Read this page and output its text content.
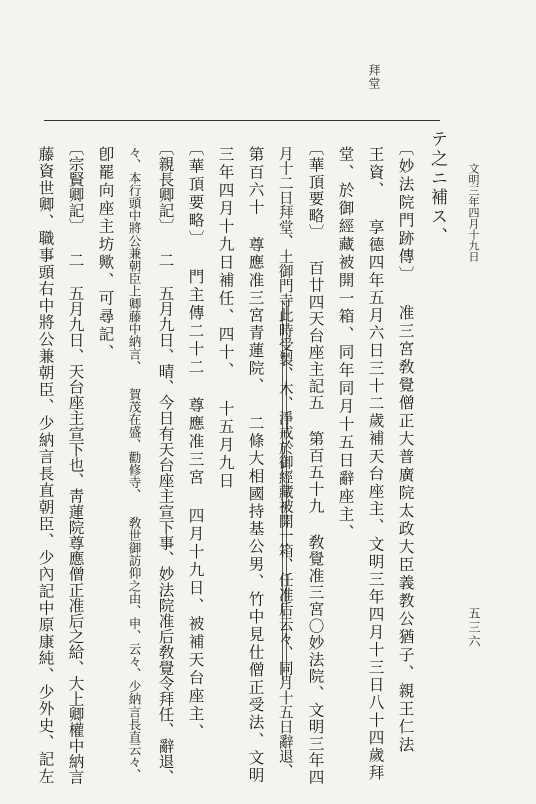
拜堂
文明三年四月十九日
五三六
テ之ニ補ス、
〔妙法院門跡傳〕 准三宮敎覺僧正大普廣院太政大臣義教公猶子、親王仁法
王資、 享德四年五月六日三十二歲補天台座主、文明三年四月十三日八十四歲拜
堂、於御經藏被開一箱、同年同月十五日辭座主、
〔華頂要略〕 百廿四天台座主記五 第百五十九 敎覺准三宮〇妙法院、文明三年四
月十二日拜堂、土御門寺此時受製、木、淨戒於御經藏被開一箱、任准后云々、同月十五日辭退、
第百六十 尊應准三宮青蓮院、 二條大相國持基公男、竹中見仕僧正受法、文明
三年四月十九日補任、四十、 十五月九日
〔華頂要略〕 門主傳二十二 尊應准三宮 四月十九日、被補天台座主、
〔親長卿記〕 二 五月九日、晴、今日有天台座主宣下事、妙法院准后敎覺令拜任、辭退、
々、本行頭中將公兼朝臣上卿藤中納言、 賀茂在盛、勸修寺、 敎世御訪仰之由、申、云々、少納言長直云々、
卽罷向座主坊歟、可尋記、
〔宗賢卿記〕 二 五月九日、天台座主宣下也、靑蓮院尊應僧正准后之給、大上卿權中納言
藤資世卿、職事頭右中將公兼朝臣、少納言長直朝臣、少內記中原康純、少外史、記左
